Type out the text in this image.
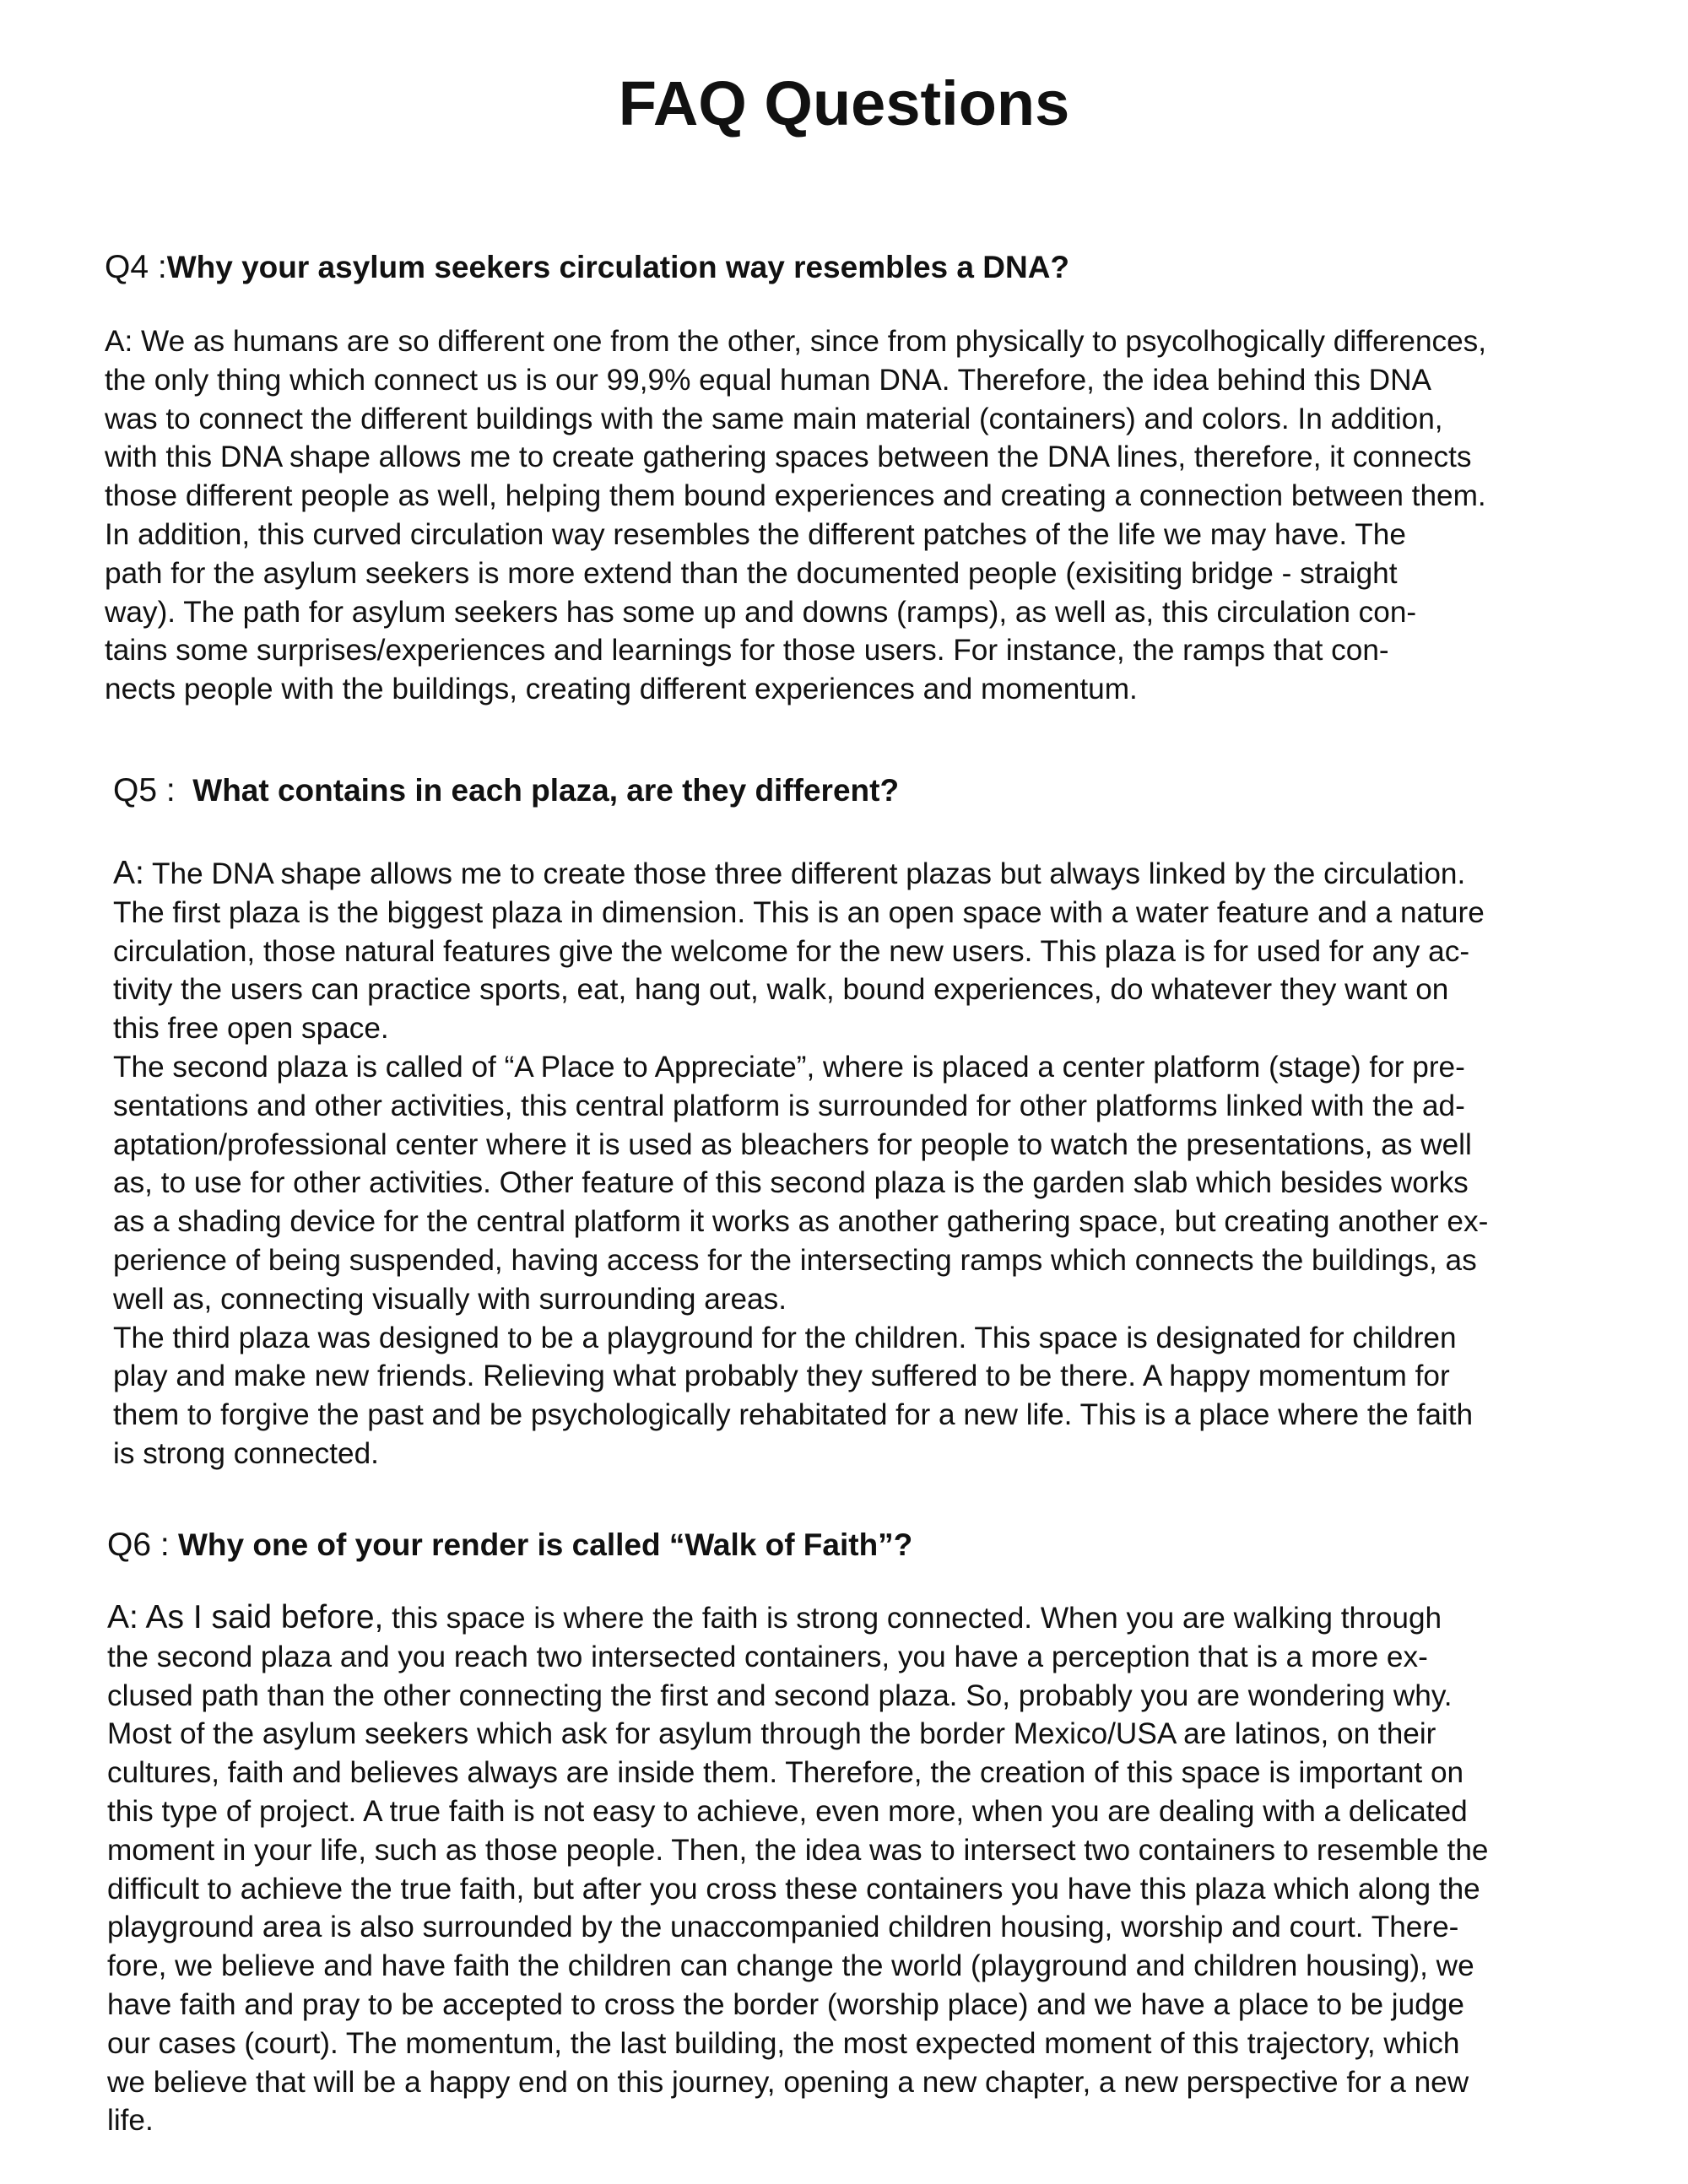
FAQ Questions

Q4 :Why your asylum seekers circulation way resembles a DNA?

A: We as humans are so different one from the other, since from physically to psycolhogically differences,
the only thing which connect us is our 99,9% equal human DNA. Therefore, the idea behind this DNA
was to connect the different buildings with the same main material (containers) and colors. In addition,
with this DNA shape allows me to create gathering spaces between the DNA lines, therefore, it connects
those different people as well, helping them bound experiences and creating a connection between them.
In addition, this curved circulation way resembles the different patches of the life we may have. The
path for the asylum seekers is more extend than the documented people (exisiting bridge - straight
way). The path for asylum seekers has some up and downs (ramps), as well as, this circulation con-
tains some surprises/experiences and learnings for those users. For instance, the ramps that con-
nects people with the buildings, creating different experiences and momentum.

Q5 : What contains in each plaza, are they different?

A: The DNA shape allows me to create those three different plazas but always linked by the circulation.
The first plaza is the biggest plaza in dimension. This is an open space with a water feature and a nature
circulation, those natural features give the welcome for the new users. This plaza is for used for any ac-
tivity the users can practice sports, eat, hang out, walk, bound experiences, do whatever they want on
this free open space.
The second plaza is called of “A Place to Appreciate”, where is placed a center platform (stage) for pre-
sentations and other activities, this central platform is surrounded for other platforms linked with the ad-
aptation/professional center where it is used as bleachers for people to watch the presentations, as well
as, to use for other activities. Other feature of this second plaza is the garden slab which besides works
as a shading device for the central platform it works as another gathering space, but creating another ex-
perience of being suspended, having access for the intersecting ramps which connects the buildings, as
well as, connecting visually with surrounding areas.
The third plaza was designed to be a playground for the children. This space is designated for children
play and make new friends. Relieving what probably they suffered to be there. A happy momentum for
them to forgive the past and be psychologically rehabitated for a new life. This is a place where the faith
is strong connected.

Q6 : Why one of your render is called “Walk of Faith”?

A: As I said before, this space is where the faith is strong connected. When you are walking through
the second plaza and you reach two intersected containers, you have a perception that is a more ex-
clused path than the other connecting the first and second plaza. So, probably you are wondering why.
Most of the asylum seekers which ask for asylum through the border Mexico/USA are latinos, on their
cultures, faith and believes always are inside them. Therefore, the creation of this space is important on
this type of project. A true faith is not easy to achieve, even more, when you are dealing with a delicated
moment in your life, such as those people. Then, the idea was to intersect two containers to resemble the
difficult to achieve the true faith, but after you cross these containers you have this plaza which along the
playground area is also surrounded by the unaccompanied children housing, worship and court. There-
fore, we believe and have faith the children can change the world (playground and children housing), we
have faith and pray to be accepted to cross the border (worship place) and we have a place to be judge
our cases (court). The momentum, the last building, the most expected moment of this trajectory, which
we believe that will be a happy end on this journey, opening a new chapter, a new perspective for a new
life.
